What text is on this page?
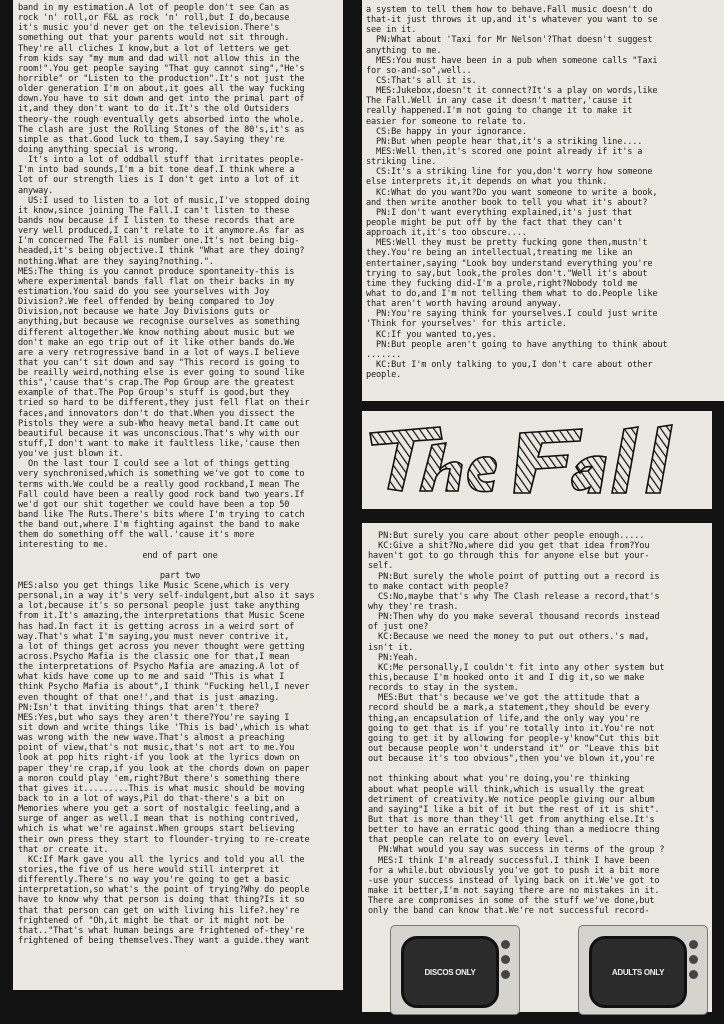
band in my estimation.A lot of people don't see Can as
rock 'n' roll,or F&L as rock 'n' roll,but I do,because
it's music you'd never get on the television.There's
something out that your parents would not sit through.
They're all cliches I know,but a lot of letters we get
from kids say "my mum and dad will not allow this in the
room!".You get people saying "That guy cannot sing","He's
horrible" or "Listen to the production".It's not just the
older generation I'm on about,it goes all the way fucking
down.You have to sit down and get into the primal part of
it,and they don't want to do it.It's the old Outsiders
theory-the rough eventually gets absorbed into the whole.
The clash are just the Rolling Stones of the 80's,it's as
simple as that.Good luck to them,I say.Saying they're
doing anything special is wrong.
It's into a lot of oddball stuff that irritates people-
I'm into bad sounds,I'm a bit tone deaf.I think where a
lot of our strength lies is I don't get into a lot of it
anyway.
US:I used to listen to a lot of music,I've stopped doing
it know,since joining The Fall.I can't listen to these
bands now because if I listen to these records that are
very well produced,I can't relate to it anymore.As far as
I'm concerned The Fall is number one.It's not being big-
headed,it's being objective.I think "What are they doing?
nothing.What are they saying?nothing.".
MES:The thing is you cannot produce spontaneity-this is
where experimental bands fall flat on their backs in my
estimation.You said do you see yourselves with Joy
Division?.We feel offended by being compared to Joy
Division,not because we hate Joy Divisions guts or
anything,but because we recognise ourselves as something
different altogether.We know nothing about music but we
don't make an ego trip out of it like other bands do.We
are a very retrogressive band in a lot of ways.I believe
that you can't sit down and say "This record is going to
be reailly weird,nothing else is ever going to sound like
this",'cause that's crap.The Pop Group are the greatest
example of that.The Pop Group's stuff is good,but they
tried so hard to be different,they just fell flat on their
faces,and innovators don't do that.When you dissect the
Pistols they were a sub-Who heavy metal band.It came out
beautiful because it was unconscious.That's why with our
stuff,I don't want to make it faultless like,'cause then
you've just blown it.
On the last tour I could see a lot of things getting
very synchronised,which is something we've got to come to
terms with.We could be a really good rockband,I mean The
Fall could have been a really good rock band two years.If
we'd got our shit together we could have been a top 50
band like The Ruts.There's bits where I'm trying to catch
the band out,where I'm fighting against the band to make
them do something off the wall.'cause it's more
interesting to me.
end of part one
part two
MES:also you get things like Music Scene,which is very
personal,in a way it's very self-indulgent,but also it says
a lot,because it's so personal people just take anything
from it.It's amazing,the interpretations that Music Scene
has had.In fact it is getting across in a weird sort of
way.That's what I'm saying,you must never contrive it,
a lot of things get across you never thought were getting
across.Psycho Mafia is the classic one for that,I mean
the interpretations of Psycho Mafia are amazing.A lot of
what kids have come up to me and said "This is what I
think Psycho Mafia is about",I think "Fucking hell,I never
even thought of that one!',and that is just amazing.
PN:Isn't that inviting things that aren't there?
MES:Yes,but who says they aren't there?You're saying I
sit down and write things like 'This is bad',which is what
was wrong with the new wave.That's almost a preaching
point of view,that's not music,that's not art to me.You
look at pop hits right-if you look at the lyrics down on
paper they're crap,if you look at the chords down on paper
a moron could play 'em,right?But there's something there
that gives it.........This is what music should be moving
back to in a lot of ways,Pil do that-there's a bit on
Memories where you get a sort of nostalgic feeling,and a
surge of anger as well.I mean that is nothing contrived,
which is what we're against.When groups start believing
their own press they start to flounder-trying to re-create
that or create it.
KC:If Mark gave you all the lyrics and told you all the
stories,the five of us here would still interpret it
differently.There's no way you're going to get a basic
interpretation,so what's the point of trying?Why do people
have to know why that person is doing that thing?Is it so
that that person can get on with living his life?.hey're
frightened of "Oh,it might be that or it might not be
that.."That's what human beings are frightened of-they're
frightened of being themselves.They want a guide.they want
a system to tell them how to behave.Fall music doesn't do
that-it just throws it up,and it's whatever you want to se
see in it.
PN:What about 'Taxi for Mr Nelson'?That doesn't suggest
anything to me.
MES:You must have been in a pub when someone calls "Taxi
for so-and-so",well..
CS:That's all it is.
MES:Jukebox,doesn't it connect?It's a play on words,like
The Fall.Well in any case it doesn't matter,'cause it
really happened.I'm not going to change it to make it
easier for someone to relate to.
CS:Be happy in your ignorance.
PN:But when people hear that,it's a striking line....
MES:Well then,it's scored one point already if it's a
striking line.
CS:It's a striking line for you,don't worry how someone
else interprets it,it depends on what you think.
KC:What do you want?Do you want someone to write a book,
and then write another book to tell you what it's about?
PN:I don't want everything explained,it's just that
people might be put off by the fact that they can't
approach it,it's too obscure....
MES:Well they must be pretty fucking gone then,mustn't
they.You're being an intellectual,treating me like an
entertainer,saying "Look boy understand everything you're
trying to say,but look,the proles don't."Well it's about
time they fucking did-I'm a prole,right?Nobody told me
what to do,and I'm not telling them what to do.People like
that aren't worth having around anyway.
PN:You're saying think for yourselves.I could just write
'Think for yourselves' for this article.
KC:If you wanted to,yes.
PN:But people aren't going to have anything to think about
.......
KC:But I'm only talking to you,I don't care about other
people.
PN:But surely you care about other people enough.....
KC:Give a shit?No,where did you get that idea from?You
haven't got to go through this for anyone else but your-
self.
PN:But surely the whole point of putting out a record is
to make contact with people?
CS:No,maybe that's why The Clash release a record,that's
why they're trash.
PN:Then why do you make several thousand records instead
of just one?
KC:Because we need the money to put out others.'s mad,
isn't it.
PN:Yeah.
KC:Me personally,I couldn't fit into any other system but
this,because I'm hooked onto it and I dig it,so we make
records to stay in the system.
MES:But that's because we've got the attitude that a
record should be a mark,a statement,they should be every
thing,an encapsulation of life,and the only way you're
going to get that is if you're totally into it.You're not
going to get it by allowing for people-y'know"Cut this bit
out because people won't understand it" or "Leave this bit
out because it's too obvious",then you've blown it,you're
not thinking about what you're doing,you're thinking
about what people will think,which is usually the great
detriment of creativity.We notice people giving our album
and saying"I like a bit of it but the rest of it is shit".
But that is more than they'll get from anything else.It's
better to have an erratic good thing than a mediocre thing
that people can relate to on every level.
PN:What would you say was success in terms of the group ?
MES:I think I'm already successful.I think I have been
for a while.but obviously you've got to push it a bit more
-use your success instead of lying back on it.We've got to
make it better,I'm not saying there are no mistakes in it.
There are compromises in some of the stuff we've done,but
only the band can know that.We're not successful record-
DISCOS ONLY	ADULTS ONLY
